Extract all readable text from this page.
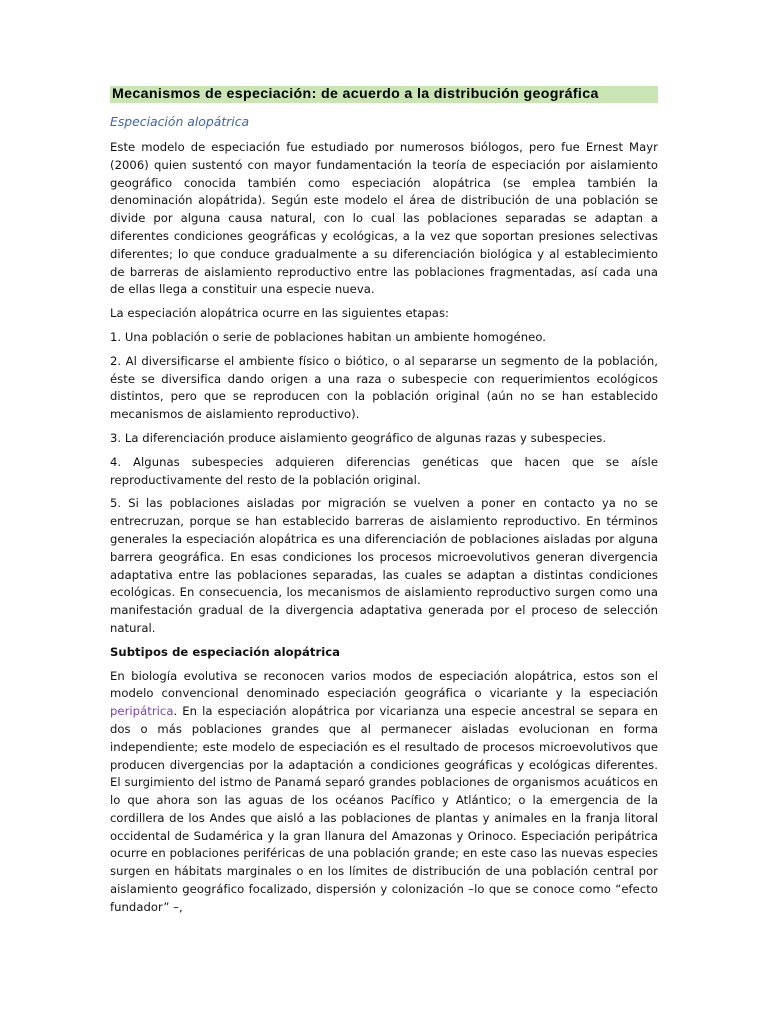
Mecanismos de especiación: de acuerdo a la distribución geográfica
Especiación alopátrica

Este modelo de especiación fue estudiado por numerosos biólogos, pero fue Ernest Mayr (2006) quien sustentó con mayor fundamentación la teoría de especiación por aislamiento geográfico conocida también como especiación alopátrica (se emplea también la denominación alopátrida). Según este modelo el área de distribución de una población se divide por alguna causa natural, con lo cual las poblaciones separadas se adaptan a diferentes condiciones geográficas y ecológicas, a la vez que soportan presiones selectivas diferentes; lo que conduce gradualmente a su diferenciación biológica y al establecimiento de barreras de aislamiento reproductivo entre las poblaciones fragmentadas, así cada una de ellas llega a constituir una especie nueva.

La especiación alopátrica ocurre en las siguientes etapas:

1. Una población o serie de poblaciones habitan un ambiente homogéneo.

2. Al diversificarse el ambiente físico o biótico, o al separarse un segmento de la población, éste se diversifica dando origen a una raza o subespecie con requerimientos ecológicos distintos, pero que se reproducen con la población original (aún no se han establecido mecanismos de aislamiento reproductivo).

3. La diferenciación produce aislamiento geográfico de algunas razas y subespecies.

4. Algunas subespecies adquieren diferencias genéticas que hacen que se aísle reproductivamente del resto de la población original.

5. Si las poblaciones aisladas por migración se vuelven a poner en contacto ya no se entrecruzan, porque se han establecido barreras de aislamiento reproductivo. En términos generales la especiación alopátrica es una diferenciación de poblaciones aisladas por alguna barrera geográfica. En esas condiciones los procesos microevolutivos generan divergencia adaptativa entre las poblaciones separadas, las cuales se adaptan a distintas condiciones ecológicas. En consecuencia, los mecanismos de aislamiento reproductivo surgen como una manifestación gradual de la divergencia adaptativa generada por el proceso de selección natural.

Subtipos de especiación alopátrica

En biología evolutiva se reconocen varios modos de especiación alopátrica, estos son el modelo convencional denominado especiación geográfica o vicariante y la especiación peripátrica. En la especiación alopátrica por vicarianza una especie ancestral se separa en dos o más poblaciones grandes que al permanecer aisladas evolucionan en forma independiente; este modelo de especiación es el resultado de procesos microevolutivos que producen divergencias por la adaptación a condiciones geográficas y ecológicas diferentes. El surgimiento del istmo de Panamá separó grandes poblaciones de organismos acuáticos en lo que ahora son las aguas de los océanos Pacífico y Atlántico; o la emergencia de la cordillera de los Andes que aisló a las poblaciones de plantas y animales en la franja litoral occidental de Sudamérica y la gran llanura del Amazonas y Orinoco. Especiación peripátrica ocurre en poblaciones periféricas de una población grande; en este caso las nuevas especies surgen en hábitats marginales o en los límites de distribución de una población central por aislamiento geográfico focalizado, dispersión y colonización –lo que se conoce como “efecto fundador” –,
